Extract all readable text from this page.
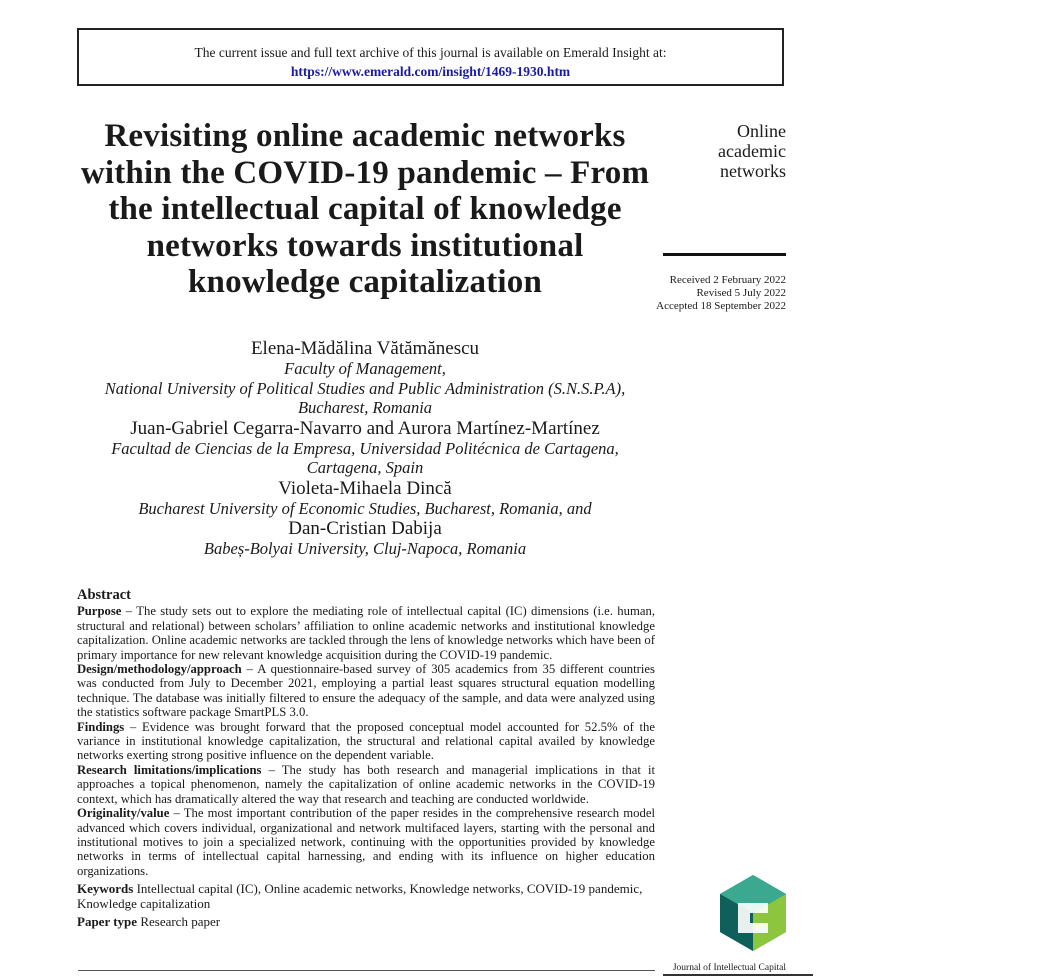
The current issue and full text archive of this journal is available on Emerald Insight at:
https://www.emerald.com/insight/1469-1930.htm
Revisiting online academic networks within the COVID-19 pandemic – From the intellectual capital of knowledge networks towards institutional knowledge capitalization
Online
academic
networks
Received 2 February 2022
Revised 5 July 2022
Accepted 18 September 2022
Elena-Mădălina Vătămănescu
Faculty of Management,
National University of Political Studies and Public Administration (S.N.S.P.A),
Bucharest, Romania
Juan-Gabriel Cegarra-Navarro and Aurora Martínez-Martínez
Facultad de Ciencias de la Empresa, Universidad Politécnica de Cartagena,
Cartagena, Spain
Violeta-Mihaela Dincă
Bucharest University of Economic Studies, Bucharest, Romania, and
Dan-Cristian Dabija
Babeș-Bolyai University, Cluj-Napoca, Romania
Abstract

Purpose – The study sets out to explore the mediating role of intellectual capital (IC) dimensions (i.e. human, structural and relational) between scholars’ affiliation to online academic networks and institutional knowledge capitalization. Online academic networks are tackled through the lens of knowledge networks which have been of primary importance for new relevant knowledge acquisition during the COVID-19 pandemic.

Design/methodology/approach – A questionnaire-based survey of 305 academics from 35 different countries was conducted from July to December 2021, employing a partial least squares structural equation modelling technique. The database was initially filtered to ensure the adequacy of the sample, and data were analyzed using the statistics software package SmartPLS 3.0.

Findings – Evidence was brought forward that the proposed conceptual model accounted for 52.5% of the variance in institutional knowledge capitalization, the structural and relational capital availed by knowledge networks exerting strong positive influence on the dependent variable.

Research limitations/implications – The study has both research and managerial implications in that it approaches a topical phenomenon, namely the capitalization of online academic networks in the COVID-19 context, which has dramatically altered the way that research and teaching are conducted worldwide.

Originality/value – The most important contribution of the paper resides in the comprehensive research model advanced which covers individual, organizational and network multifaced layers, starting with the personal and institutional motives to join a specialized network, continuing with the opportunities provided by knowledge networks in terms of intellectual capital harnessing, and ending with its influence on higher education organizations.

Keywords Intellectual capital (IC), Online academic networks, Knowledge networks, COVID-19 pandemic, Knowledge capitalization
Paper type Research paper
Journal of Intellectual Capital
